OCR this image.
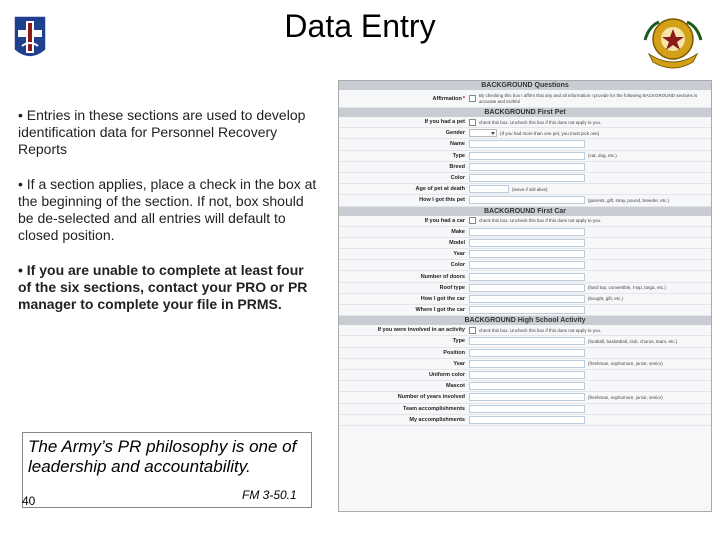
Data Entry

• Entries in these sections are used to develop identification data for Personnel Recovery Reports

• If a section applies, place a check in the box at the beginning of the section. If not, box should be de-selected and all entries will default to closed position.

• If you are unable to complete at least four of the six sections, contact your PRO or PR manager to complete your file in PRMS.

The Army’s PR philosophy is one of leadership and accountability.
40	FM 3-50.1
BACKGROUND Questions
Affirmation*	By checking this box I affirm that any and all information I provide for the following BACKGROUND sections is accurate and truthful
BACKGROUND First Pet
If you had a pet	check this box. Uncheck this box if this does not apply to you.
Gender	(If you had more than one pet, you must pick one)
Name
Type	(cat, dog, etc.)
Breed
Color
Age of pet at death	(leave if still alive)
How I got this pet	(parents, gift, stray, pound, breeder, etc.)
BACKGROUND First Car
If you had a car	check this box. Uncheck this box if this does not apply to you.
Make
Model
Year
Color
Number of doors
Roof type	(hard top, convertible, t-top, targa, etc.)
How I got the car	(bought, gift, etc.)
Where I got the car
BACKGROUND High School Activity
If you were involved in an activity	check this box. Uncheck this box if this does not apply to you.
Type	(football, basketball, club, chorus, team, etc.)
Position
Year	(freshman, sophomore, junior, senior)
Uniform color
Mascot
Number of years involved	(freshman, sophomore, junior, senior)
Team accomplishments
My accomplishments
